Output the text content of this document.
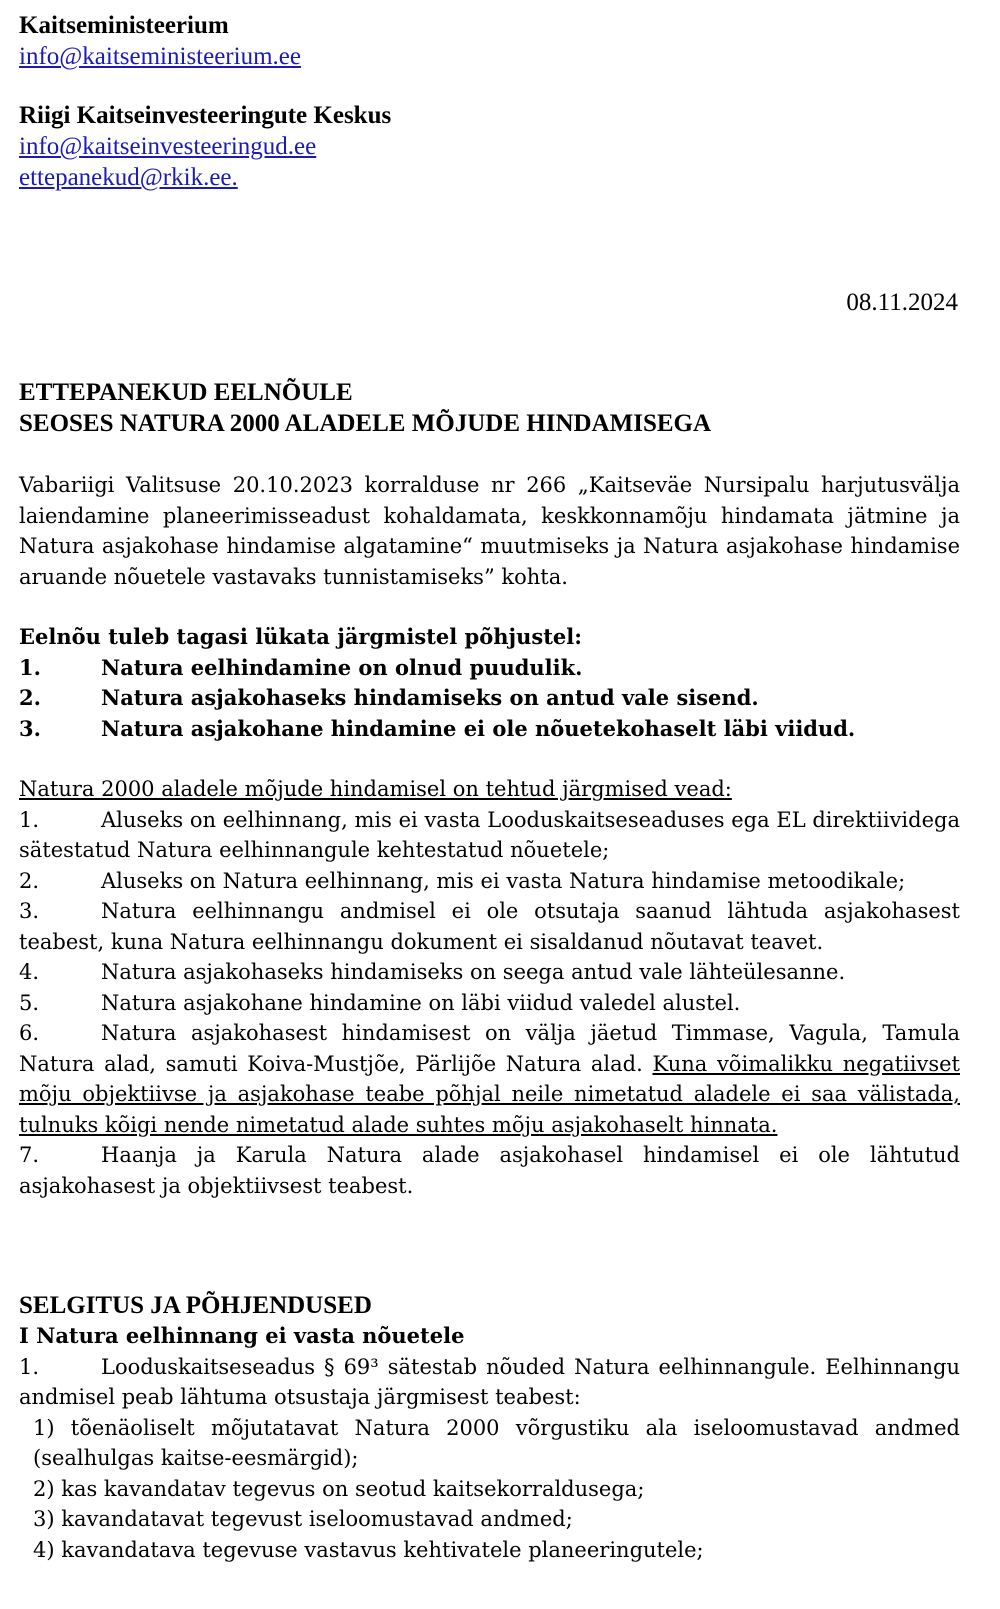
Kaitseministeerium
info@kaitseministeerium.ee
Riigi Kaitseinvesteeringute Keskus
info@kaitseinvesteeringud.ee
ettepanekud@rkik.ee.
08.11.2024
ETTEPANEKUD EELNÕULE
SEOSES NATURA 2000 ALADELE MÕJUDE HINDAMISEGA
Vabariigi Valitsuse 20.10.2023 korralduse nr 266 „Kaitseväe Nursipalu harjutusvälja laiendamine planeerimisseadust kohaldamata, keskkonnamõju hindamata jätmine ja Natura asjakohase hindamise algatamine“ muutmiseks ja Natura asjakohase hindamise aruande nõuetele vastavaks tunnistamiseks” kohta.
Eelnõu tuleb tagasi lükata järgmistel põhjustel:
1.	Natura eelhindamine on olnud puudulik.
2.	Natura asjakohaseks hindamiseks on antud vale sisend.
3.	Natura asjakohane hindamine ei ole nõuetekohaselt läbi viidud.
Natura 2000 aladele mõjude hindamisel on tehtud järgmised vead:
1.	Aluseks on eelhinnang, mis ei vasta Looduskaitseseaduses ega EL direktiividega sätestatud Natura eelhinnangule kehtestatud nõuetele;
2.	Aluseks on Natura eelhinnang, mis ei vasta Natura hindamise metoodikale;
3.	Natura eelhinnangu andmisel ei ole otsutaja saanud lähtuda asjakohasest teabest, kuna Natura eelhinnangu dokument ei sisaldanud nõutavat teavet.
4.	Natura asjakohaseks hindamiseks on seega antud vale lähteülesanne.
5.	Natura asjakohane hindamine on läbi viidud valedel alustel.
6.	Natura asjakohasest hindamisest on välja jäetud Timmase, Vagula, Tamula Natura alad, samuti Koiva-Mustjõe, Pärlijõe Natura alad. Kuna võimalikku negatiivset mõju objektiivse ja asjakohase teabe põhjal neile nimetatud aladele ei saa välistada, tulnuks kõigi nende nimetatud alade suhtes mõju asjakohaselt hinnata.
7.	Haanja ja Karula Natura alade asjakohasel hindamisel ei ole lähtutud asjakohasest ja objektiivsest teabest.
SELGITUS JA PÕHJENDUSED
I Natura eelhinnang ei vasta nõuetele
1.	Looduskaitseseadus § 69³ sätestab nõuded Natura eelhinnangule. Eelhinnangu andmisel peab lähtuma otsustaja järgmisest teabest:
1) tõenäoliselt mõjutatavat Natura 2000 võrgustiku ala iseloomustavad andmed (sealhulgas kaitse-eesmärgid);
2) kas kavandatav tegevus on seotud kaitsekorraldusega;
3) kavandatavat tegevust iseloomustavad andmed;
4) kavandatava tegevuse vastavus kehtivatele planeeringutele;
